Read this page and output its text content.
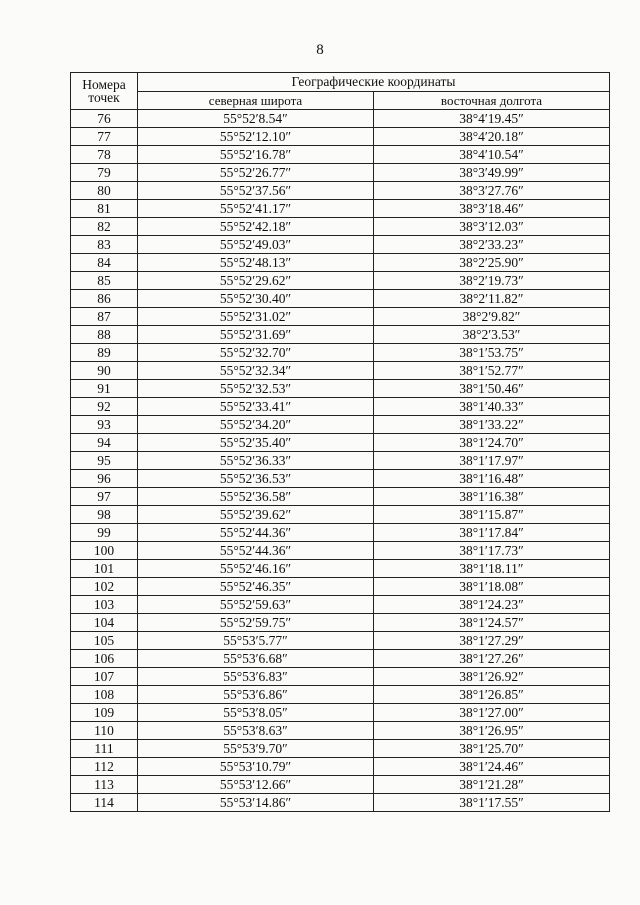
8
Номера точек	Географические координаты	
	северная широта	восточная долгота
76	55°52′8.54″	38°4′19.45″
77	55°52′12.10″	38°4′20.18″
78	55°52′16.78″	38°4′10.54″
79	55°52′26.77″	38°3′49.99″
80	55°52′37.56″	38°3′27.76″
81	55°52′41.17″	38°3′18.46″
82	55°52′42.18″	38°3′12.03″
83	55°52′49.03″	38°2′33.23″
84	55°52′48.13″	38°2′25.90″
85	55°52′29.62″	38°2′19.73″
86	55°52′30.40″	38°2′11.82″
87	55°52′31.02″	38°2′9.82″
88	55°52′31.69″	38°2′3.53″
89	55°52′32.70″	38°1′53.75″
90	55°52′32.34″	38°1′52.77″
91	55°52′32.53″	38°1′50.46″
92	55°52′33.41″	38°1′40.33″
93	55°52′34.20″	38°1′33.22″
94	55°52′35.40″	38°1′24.70″
95	55°52′36.33″	38°1′17.97″
96	55°52′36.53″	38°1′16.48″
97	55°52′36.58″	38°1′16.38″
98	55°52′39.62″	38°1′15.87″
99	55°52′44.36″	38°1′17.84″
100	55°52′44.36″	38°1′17.73″
101	55°52′46.16″	38°1′18.11″
102	55°52′46.35″	38°1′18.08″
103	55°52′59.63″	38°1′24.23″
104	55°52′59.75″	38°1′24.57″
105	55°53′5.77″	38°1′27.29″
106	55°53′6.68″	38°1′27.26″
107	55°53′6.83″	38°1′26.92″
108	55°53′6.86″	38°1′26.85″
109	55°53′8.05″	38°1′27.00″
110	55°53′8.63″	38°1′26.95″
111	55°53′9.70″	38°1′25.70″
112	55°53′10.79″	38°1′24.46″
113	55°53′12.66″	38°1′21.28″
114	55°53′14.86″	38°1′17.55″
